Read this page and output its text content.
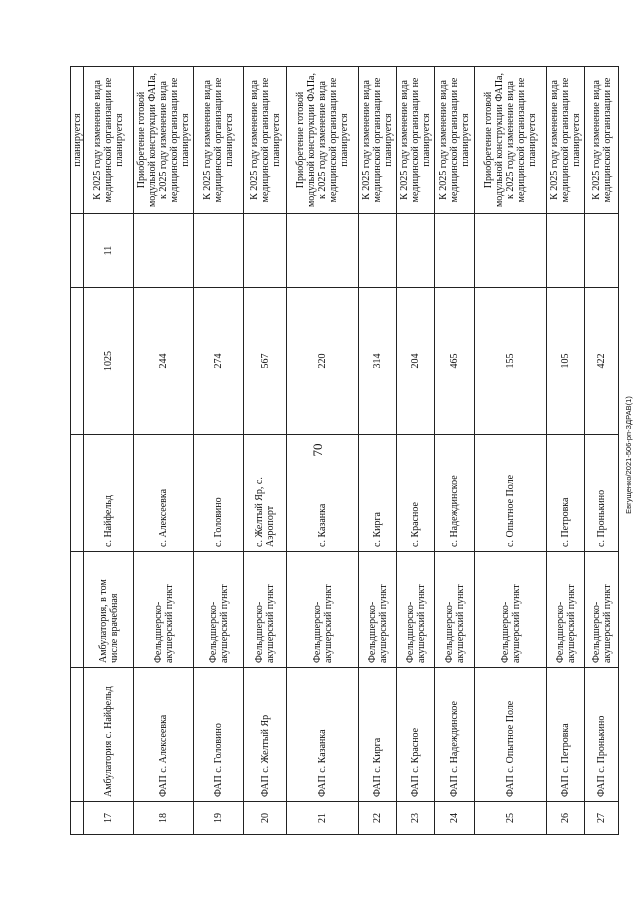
70	Евгущенко/2021-506-рп-ЗДРАВ(1)
						планируется
17	Амбулатория с. Найфельд	Амбулатория, в том числе врачебная	с. Найфельд	1025	11	К 2025 году изменение вида медицинской организации не планируется
18	ФАП с. Алексеевка	Фельдшерско-акушерский пункт	с. Алексеевка	244		Приобретение готовой модульной конструкции ФАПа, к 2025 году изменение вида медицинской организации не планируется
19	ФАП с. Головино	Фельдшерско-акушерский пункт	с. Головино	274		К 2025 году изменение вида медицинской организации не планируется
20	ФАП с. Желтый Яр	Фельдшерско-акушерский пункт	с. Желтый Яр, с. Аэропорт	567		К 2025 году изменение вида медицинской организации не планируется
21	ФАП с. Казанка	Фельдшерско-акушерский пункт	с. Казанка	220		Приобретение готовой модульной конструкции ФАПа, к 2025 году изменение вида медицинской организации не планируется
22	ФАП с. Кирга	Фельдшерско-акушерский пункт	с. Кирга	314		К 2025 году изменение вида медицинской организации не планируется
23	ФАП с. Красное	Фельдшерско-акушерский пункт	с. Красное	204		К 2025 году изменение вида медицинской организации не планируется
24	ФАП с. Надеждинское	Фельдшерско-акушерский пункт	с. Надеждинское	465		К 2025 году изменение вида медицинской организации не планируется
25	ФАП с. Опытное Поле	Фельдшерско-акушерский пункт	с. Опытное Поле	155		Приобретение готовой модульной конструкции ФАПа, к 2025 году изменение вида медицинской организации не планируется
26	ФАП с. Петровка	Фельдшерско-акушерский пункт	с. Петровка	105		К 2025 году изменение вида медицинской организации не планируется
27	ФАП с. Пронькино	Фельдшерско-акушерский пункт	с. Пронькино	422		К 2025 году изменение вида медицинской организации не
